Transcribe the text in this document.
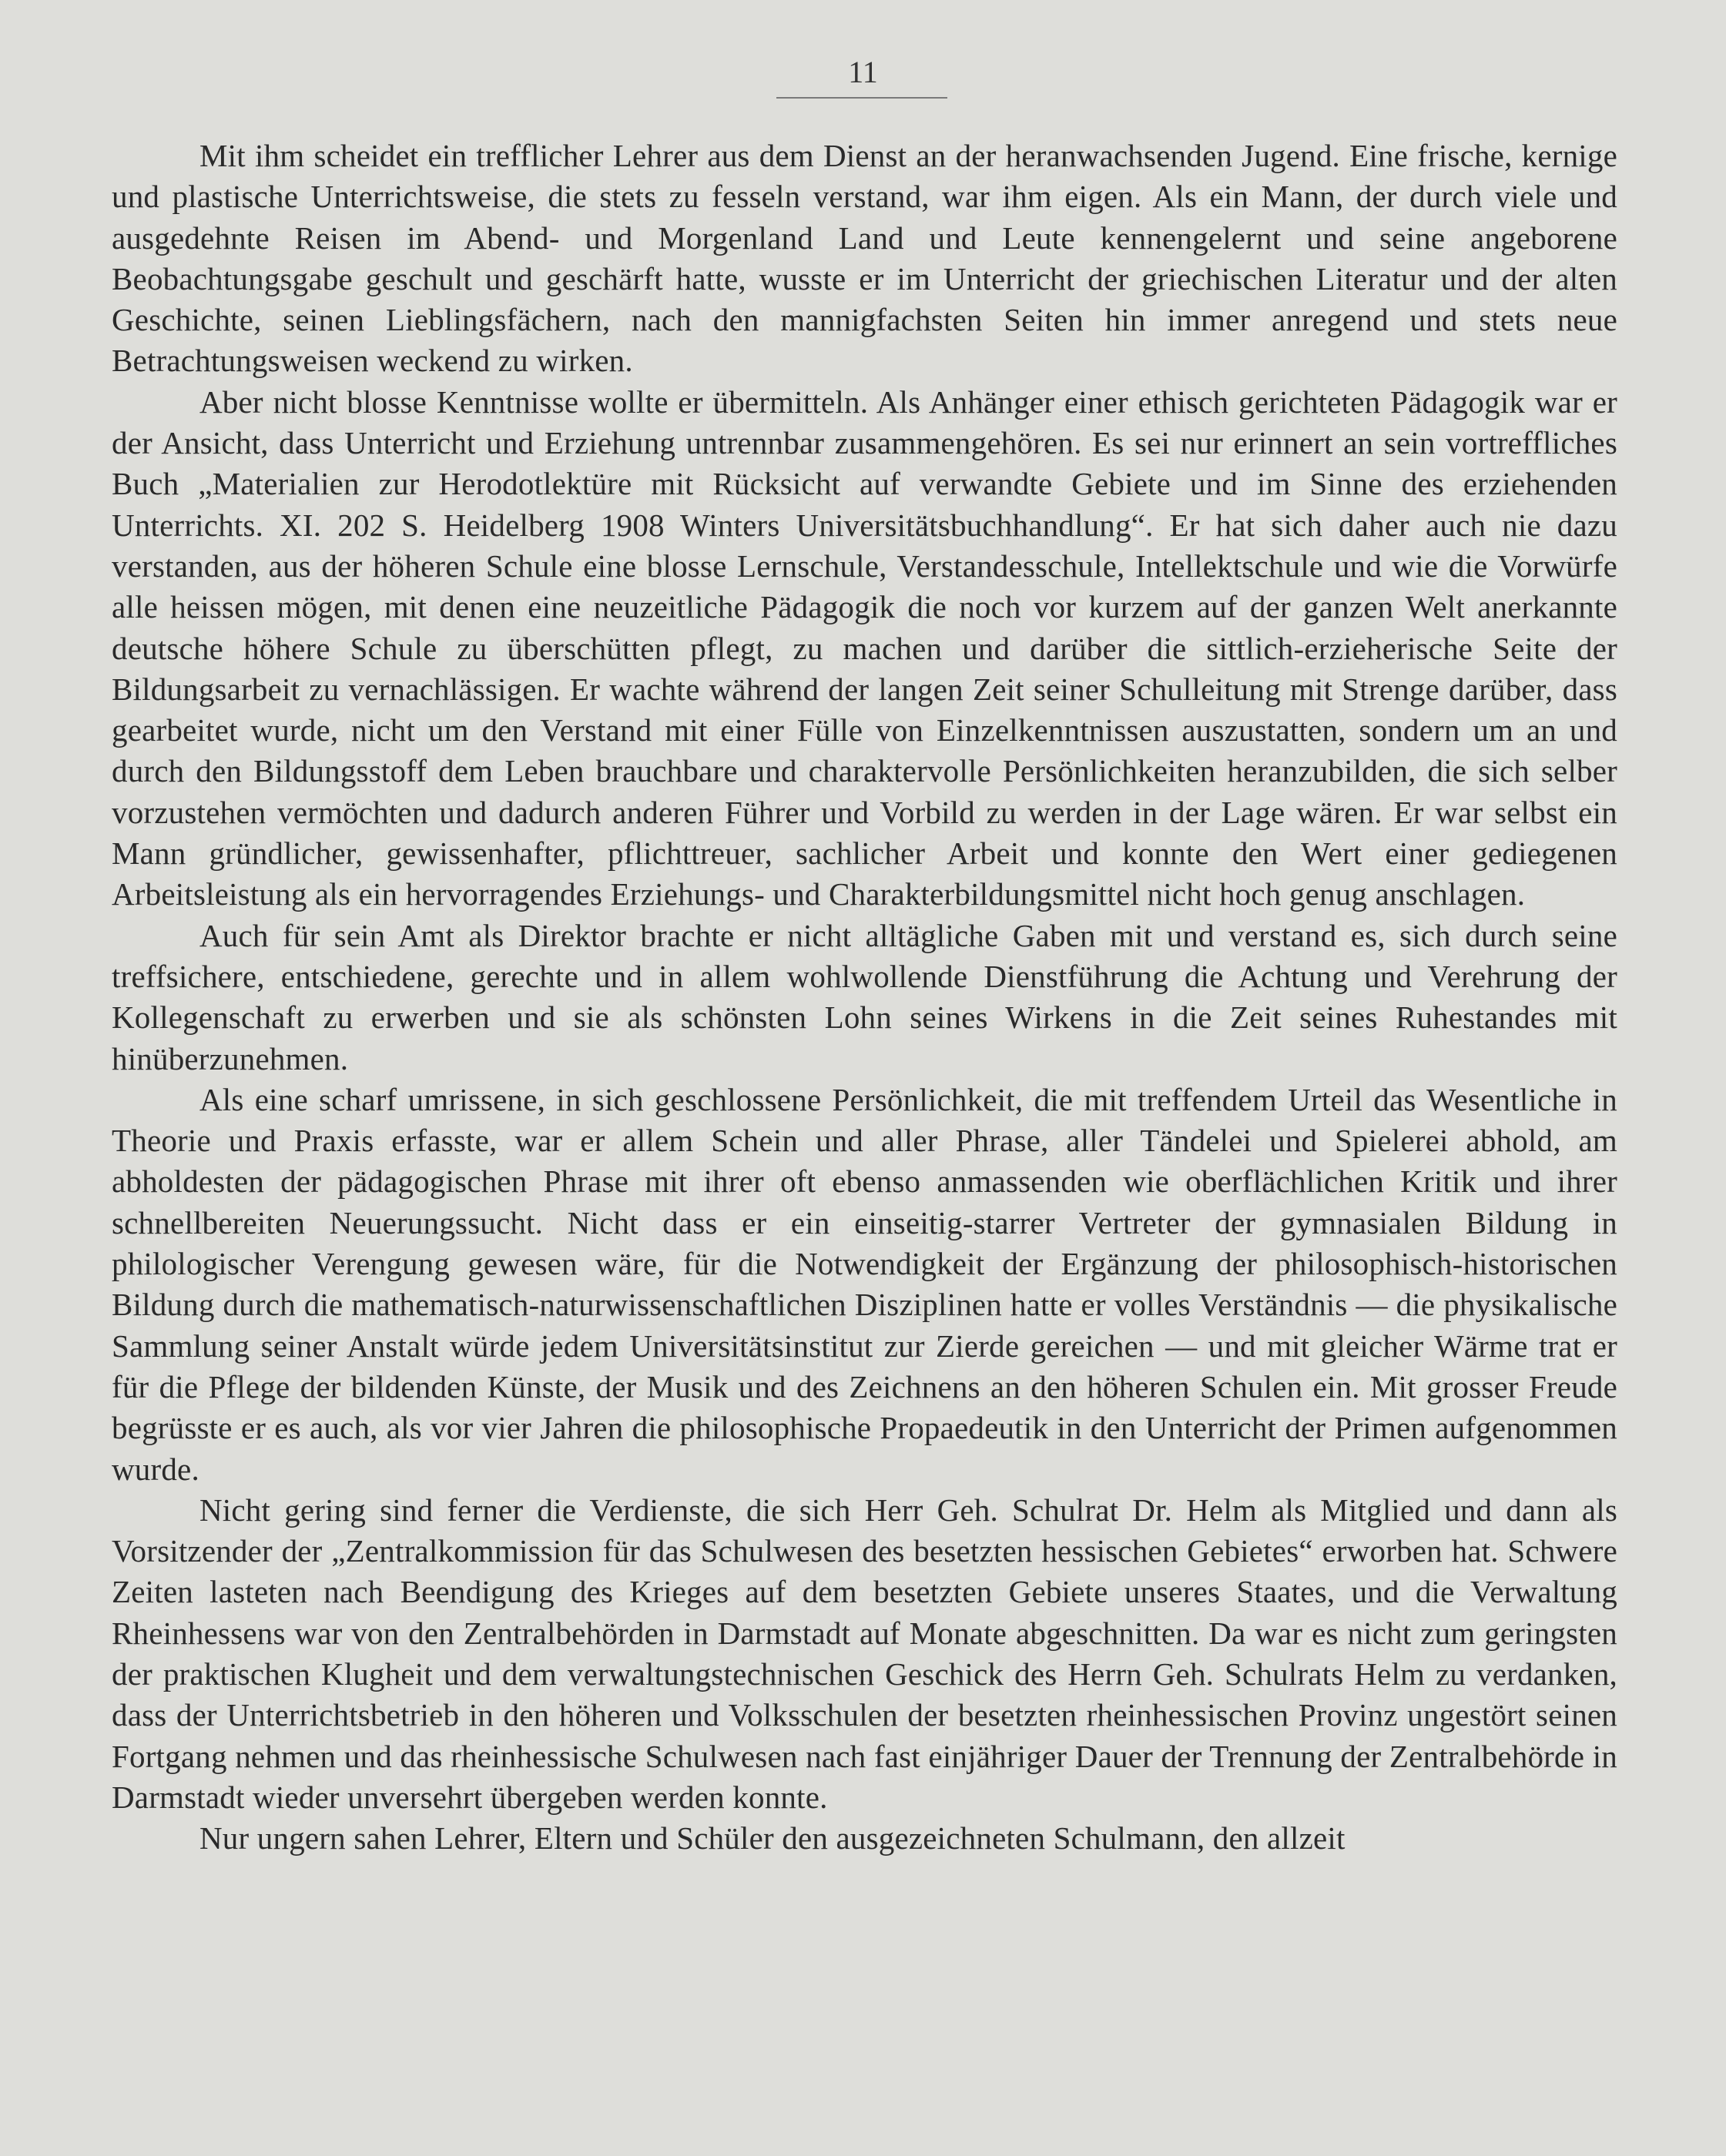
11

Mit ihm scheidet ein trefflicher Lehrer aus dem Dienst an der heranwachsenden Jugend. Eine frische, kernige und plastische Unterrichtsweise, die stets zu fesseln verstand, war ihm eigen. Als ein Mann, der durch viele und ausgedehnte Reisen im Abend- und Morgenland Land und Leute kennengelernt und seine angeborene Beobachtungsgabe geschult und geschärft hatte, wusste er im Unterricht der griechischen Literatur und der alten Geschichte, seinen Lieblingsfächern, nach den mannigfachsten Seiten hin immer anregend und stets neue Betrachtungsweisen weckend zu wirken.

Aber nicht blosse Kenntnisse wollte er übermitteln. Als Anhänger einer ethisch gerichteten Pädagogik war er der Ansicht, dass Unterricht und Erziehung untrennbar zusammengehören. Es sei nur erinnert an sein vortreffliches Buch „Materialien zur Herodotlektüre mit Rücksicht auf verwandte Gebiete und im Sinne des erziehenden Unterrichts. XI. 202 S. Heidelberg 1908 Winters Universitätsbuchhandlung“. Er hat sich daher auch nie dazu verstanden, aus der höheren Schule eine blosse Lernschule, Verstandesschule, Intellektschule und wie die Vorwürfe alle heissen mögen, mit denen eine neuzeitliche Pädagogik die noch vor kurzem auf der ganzen Welt anerkannte deutsche höhere Schule zu überschütten pflegt, zu machen und darüber die sittlich-erzieherische Seite der Bildungsarbeit zu vernachlässigen. Er wachte während der langen Zeit seiner Schulleitung mit Strenge darüber, dass gearbeitet wurde, nicht um den Verstand mit einer Fülle von Einzelkenntnissen auszustatten, sondern um an und durch den Bildungsstoff dem Leben brauchbare und charaktervolle Persönlichkeiten heranzubilden, die sich selber vorzustehen vermöchten und dadurch anderen Führer und Vorbild zu werden in der Lage wären. Er war selbst ein Mann gründlicher, gewissenhafter, pflichttreuer, sachlicher Arbeit und konnte den Wert einer gediegenen Arbeitsleistung als ein hervorragendes Erziehungs- und Charakterbildungsmittel nicht hoch genug anschlagen.

Auch für sein Amt als Direktor brachte er nicht alltägliche Gaben mit und verstand es, sich durch seine treffsichere, entschiedene, gerechte und in allem wohlwollende Dienstführung die Achtung und Verehrung der Kollegenschaft zu erwerben und sie als schönsten Lohn seines Wirkens in die Zeit seines Ruhestandes mit hinüberzunehmen.

Als eine scharf umrissene, in sich geschlossene Persönlichkeit, die mit treffendem Urteil das Wesentliche in Theorie und Praxis erfasste, war er allem Schein und aller Phrase, aller Tändelei und Spielerei abhold, am abholdesten der pädagogischen Phrase mit ihrer oft ebenso anmassenden wie oberflächlichen Kritik und ihrer schnellbereiten Neuerungssucht. Nicht dass er ein einseitig-starrer Vertreter der gymnasialen Bildung in philologischer Verengung gewesen wäre, für die Notwendigkeit der Ergänzung der philosophisch-historischen Bildung durch die mathematisch-naturwissenschaftlichen Disziplinen hatte er volles Verständnis — die physikalische Sammlung seiner Anstalt würde jedem Universitätsinstitut zur Zierde gereichen — und mit gleicher Wärme trat er für die Pflege der bildenden Künste, der Musik und des Zeichnens an den höheren Schulen ein. Mit grosser Freude begrüsste er es auch, als vor vier Jahren die philosophische Propaedeutik in den Unterricht der Primen aufgenommen wurde.

Nicht gering sind ferner die Verdienste, die sich Herr Geh. Schulrat Dr. Helm als Mitglied und dann als Vorsitzender der „Zentralkommission für das Schulwesen des besetzten hessischen Gebietes“ erworben hat. Schwere Zeiten lasteten nach Beendigung des Krieges auf dem besetzten Gebiete unseres Staates, und die Verwaltung Rheinhessens war von den Zentralbehörden in Darmstadt auf Monate abgeschnitten. Da war es nicht zum geringsten der praktischen Klugheit und dem verwaltungstechnischen Geschick des Herrn Geh. Schulrats Helm zu verdanken, dass der Unterrichtsbetrieb in den höheren und Volksschulen der besetzten rheinhessischen Provinz ungestört seinen Fortgang nehmen und das rheinhessische Schulwesen nach fast einjähriger Dauer der Trennung der Zentralbehörde in Darmstadt wieder unversehrt übergeben werden konnte.

Nur ungern sahen Lehrer, Eltern und Schüler den ausgezeichneten Schulmann, den allzeit
